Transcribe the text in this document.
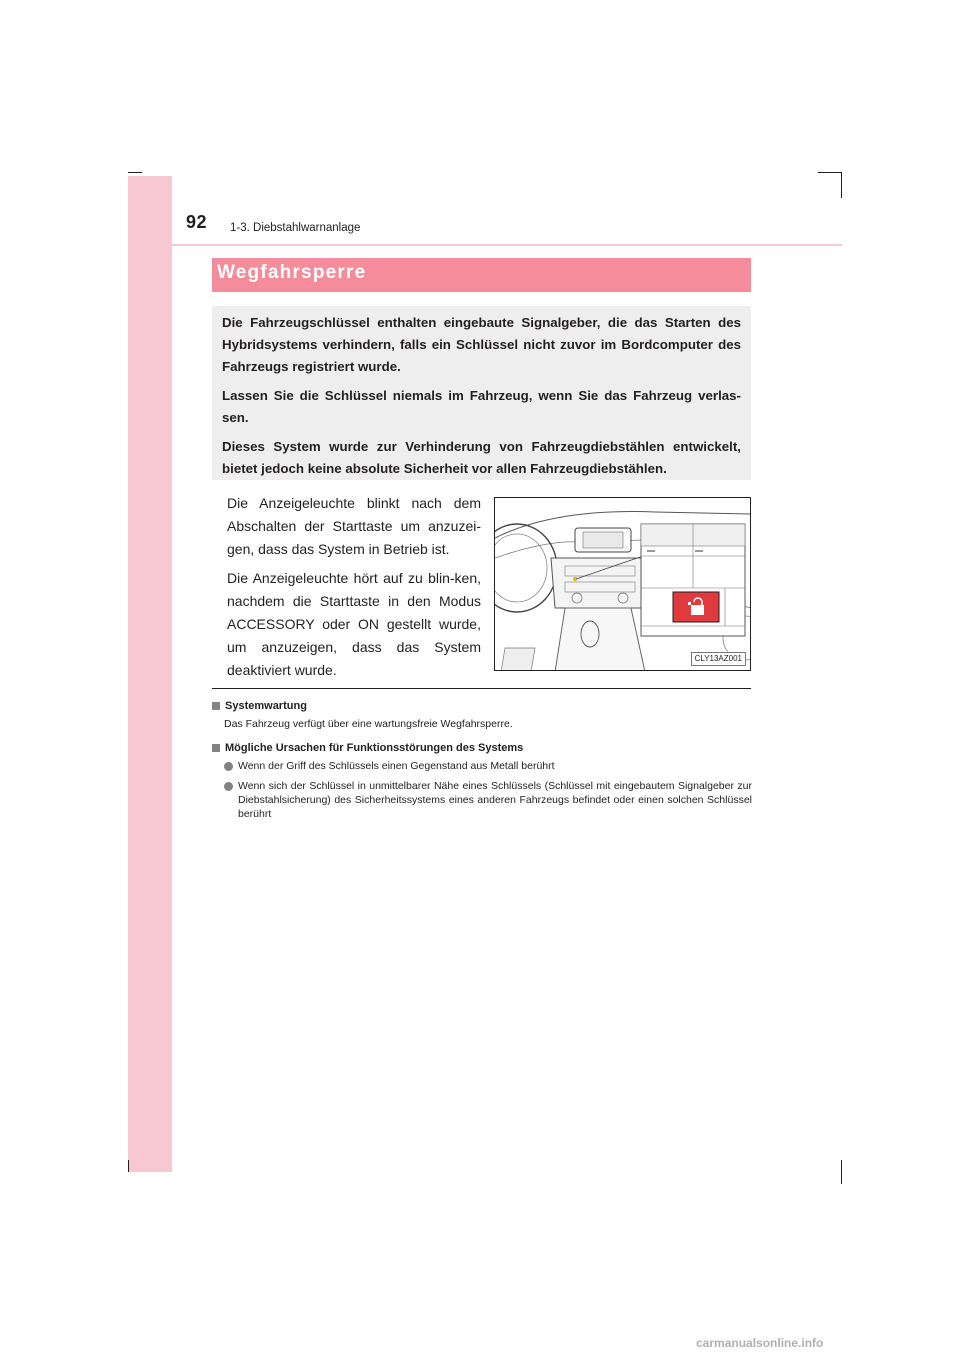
92 1-3. Diebstahlwarnanlage
Wegfahrsperre

Die Fahrzeugschlüssel enthalten eingebaute Signalgeber, die das Starten des Hybridsystems verhindern, falls ein Schlüssel nicht zuvor im Bordcomputer des Fahrzeugs registriert wurde.

Lassen Sie die Schlüssel niemals im Fahrzeug, wenn Sie das Fahrzeug verlas-sen.

Dieses System wurde zur Verhinderung von Fahrzeugdiebstählen entwickelt, bietet jedoch keine absolute Sicherheit vor allen Fahrzeugdiebstählen.

Die Anzeigeleuchte blinkt nach dem Abschalten der Starttaste um anzuzei-gen, dass das System in Betrieb ist.

Die Anzeigeleuchte hört auf zu blin-ken, nachdem die Starttaste in den Modus ACCESSORY oder ON gestellt wurde, um anzuzeigen, dass das System deaktiviert wurde.

CLY13AZ001
Systemwartung
Das Fahrzeug verfügt über eine wartungsfreie Wegfahrsperre.
Mögliche Ursachen für Funktionsstörungen des Systems
Wenn der Griff des Schlüssels einen Gegenstand aus Metall berührt
Wenn sich der Schlüssel in unmittelbarer Nähe eines Schlüssels (Schlüssel mit eingebautem Signalgeber zur Diebstahlsicherung) des Sicherheitssystems eines anderen Fahrzeugs befindet oder einen solchen Schlüssel berührt
carmanualsonline.info
